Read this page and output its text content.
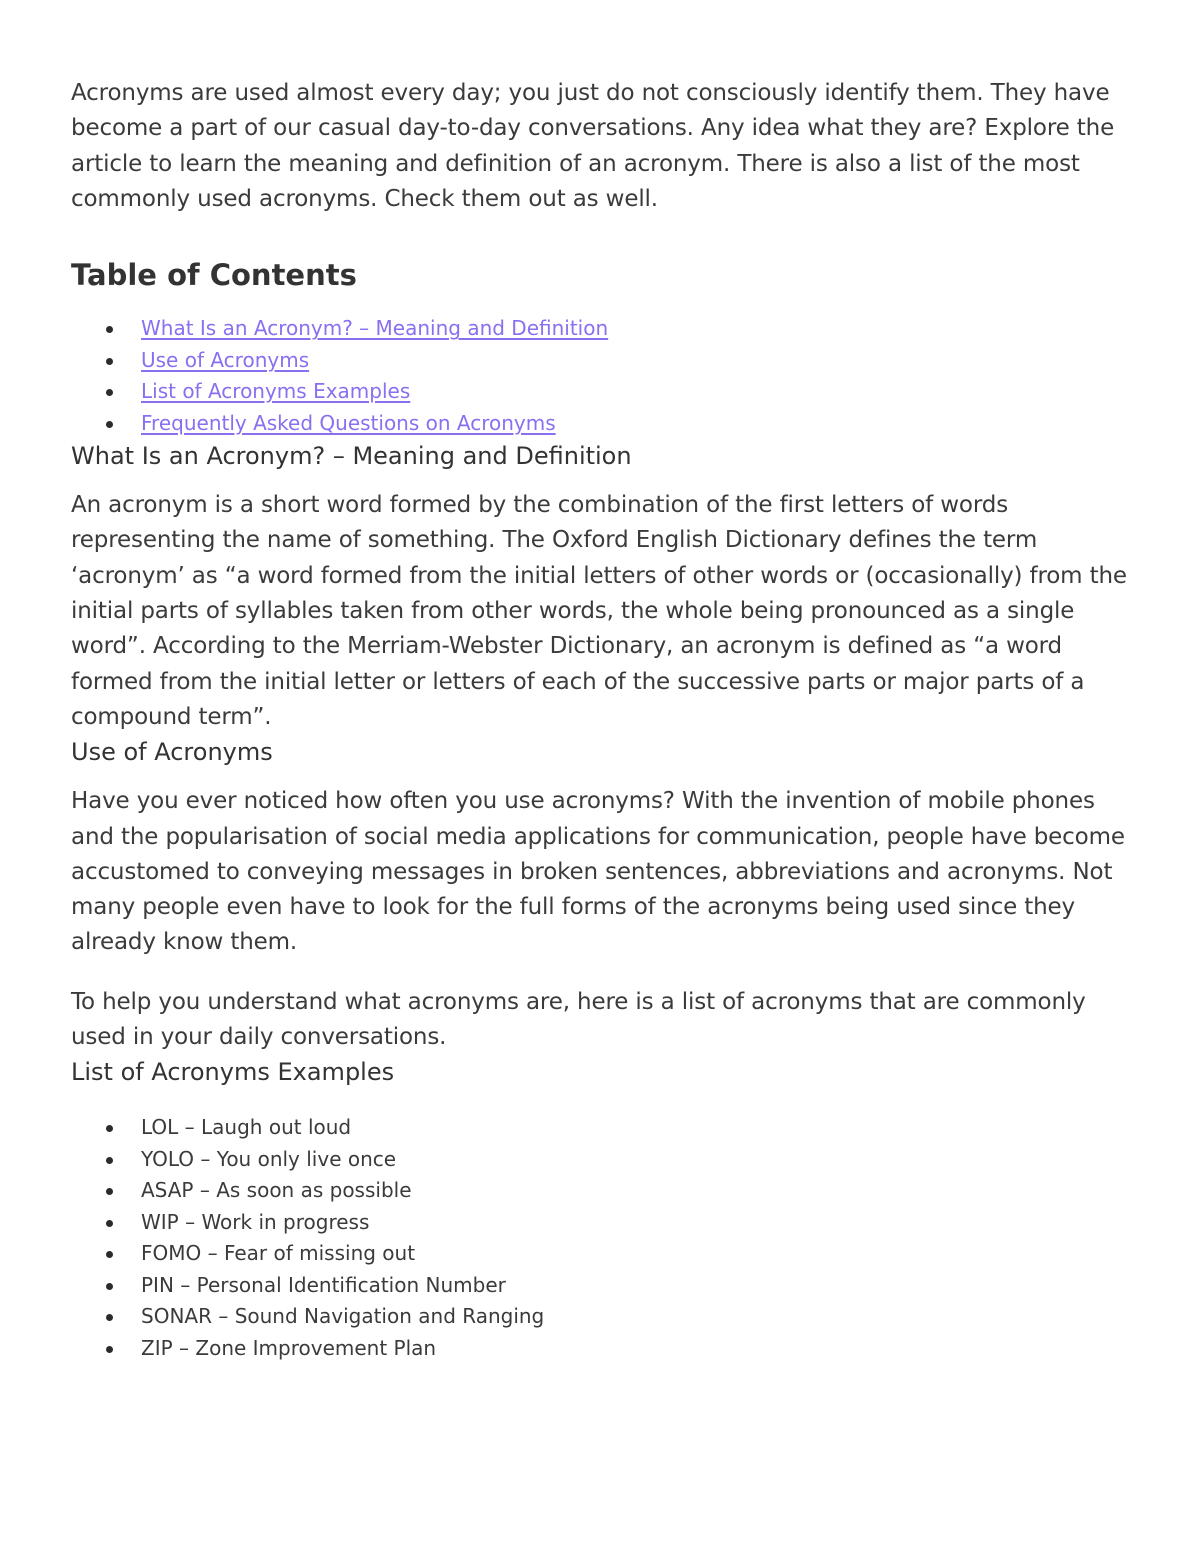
Acronyms are used almost every day; you just do not consciously identify them. They have become a part of our casual day-to-day conversations. Any idea what they are? Explore the article to learn the meaning and definition of an acronym. There is also a list of the most commonly used acronyms. Check them out as well.

Table of Contents
What Is an Acronym? – Meaning and Definition
Use of Acronyms
List of Acronyms Examples
Frequently Asked Questions on Acronyms
What Is an Acronym? – Meaning and Definition

An acronym is a short word formed by the combination of the first letters of words representing the name of something. The Oxford English Dictionary defines the term ‘acronym’ as “a word formed from the initial letters of other words or (occasionally) from the initial parts of syllables taken from other words, the whole being pronounced as a single word”. According to the Merriam-Webster Dictionary, an acronym is defined as “a word formed from the initial letter or letters of each of the successive parts or major parts of a compound term”.

Use of Acronyms

Have you ever noticed how often you use acronyms? With the invention of mobile phones and the popularisation of social media applications for communication, people have become accustomed to conveying messages in broken sentences, abbreviations and acronyms. Not many people even have to look for the full forms of the acronyms being used since they already know them.

To help you understand what acronyms are, here is a list of acronyms that are commonly used in your daily conversations.

List of Acronyms Examples
LOL – Laugh out loud
YOLO – You only live once
ASAP – As soon as possible
WIP – Work in progress
FOMO – Fear of missing out
PIN – Personal Identification Number
SONAR – Sound Navigation and Ranging
ZIP – Zone Improvement Plan
